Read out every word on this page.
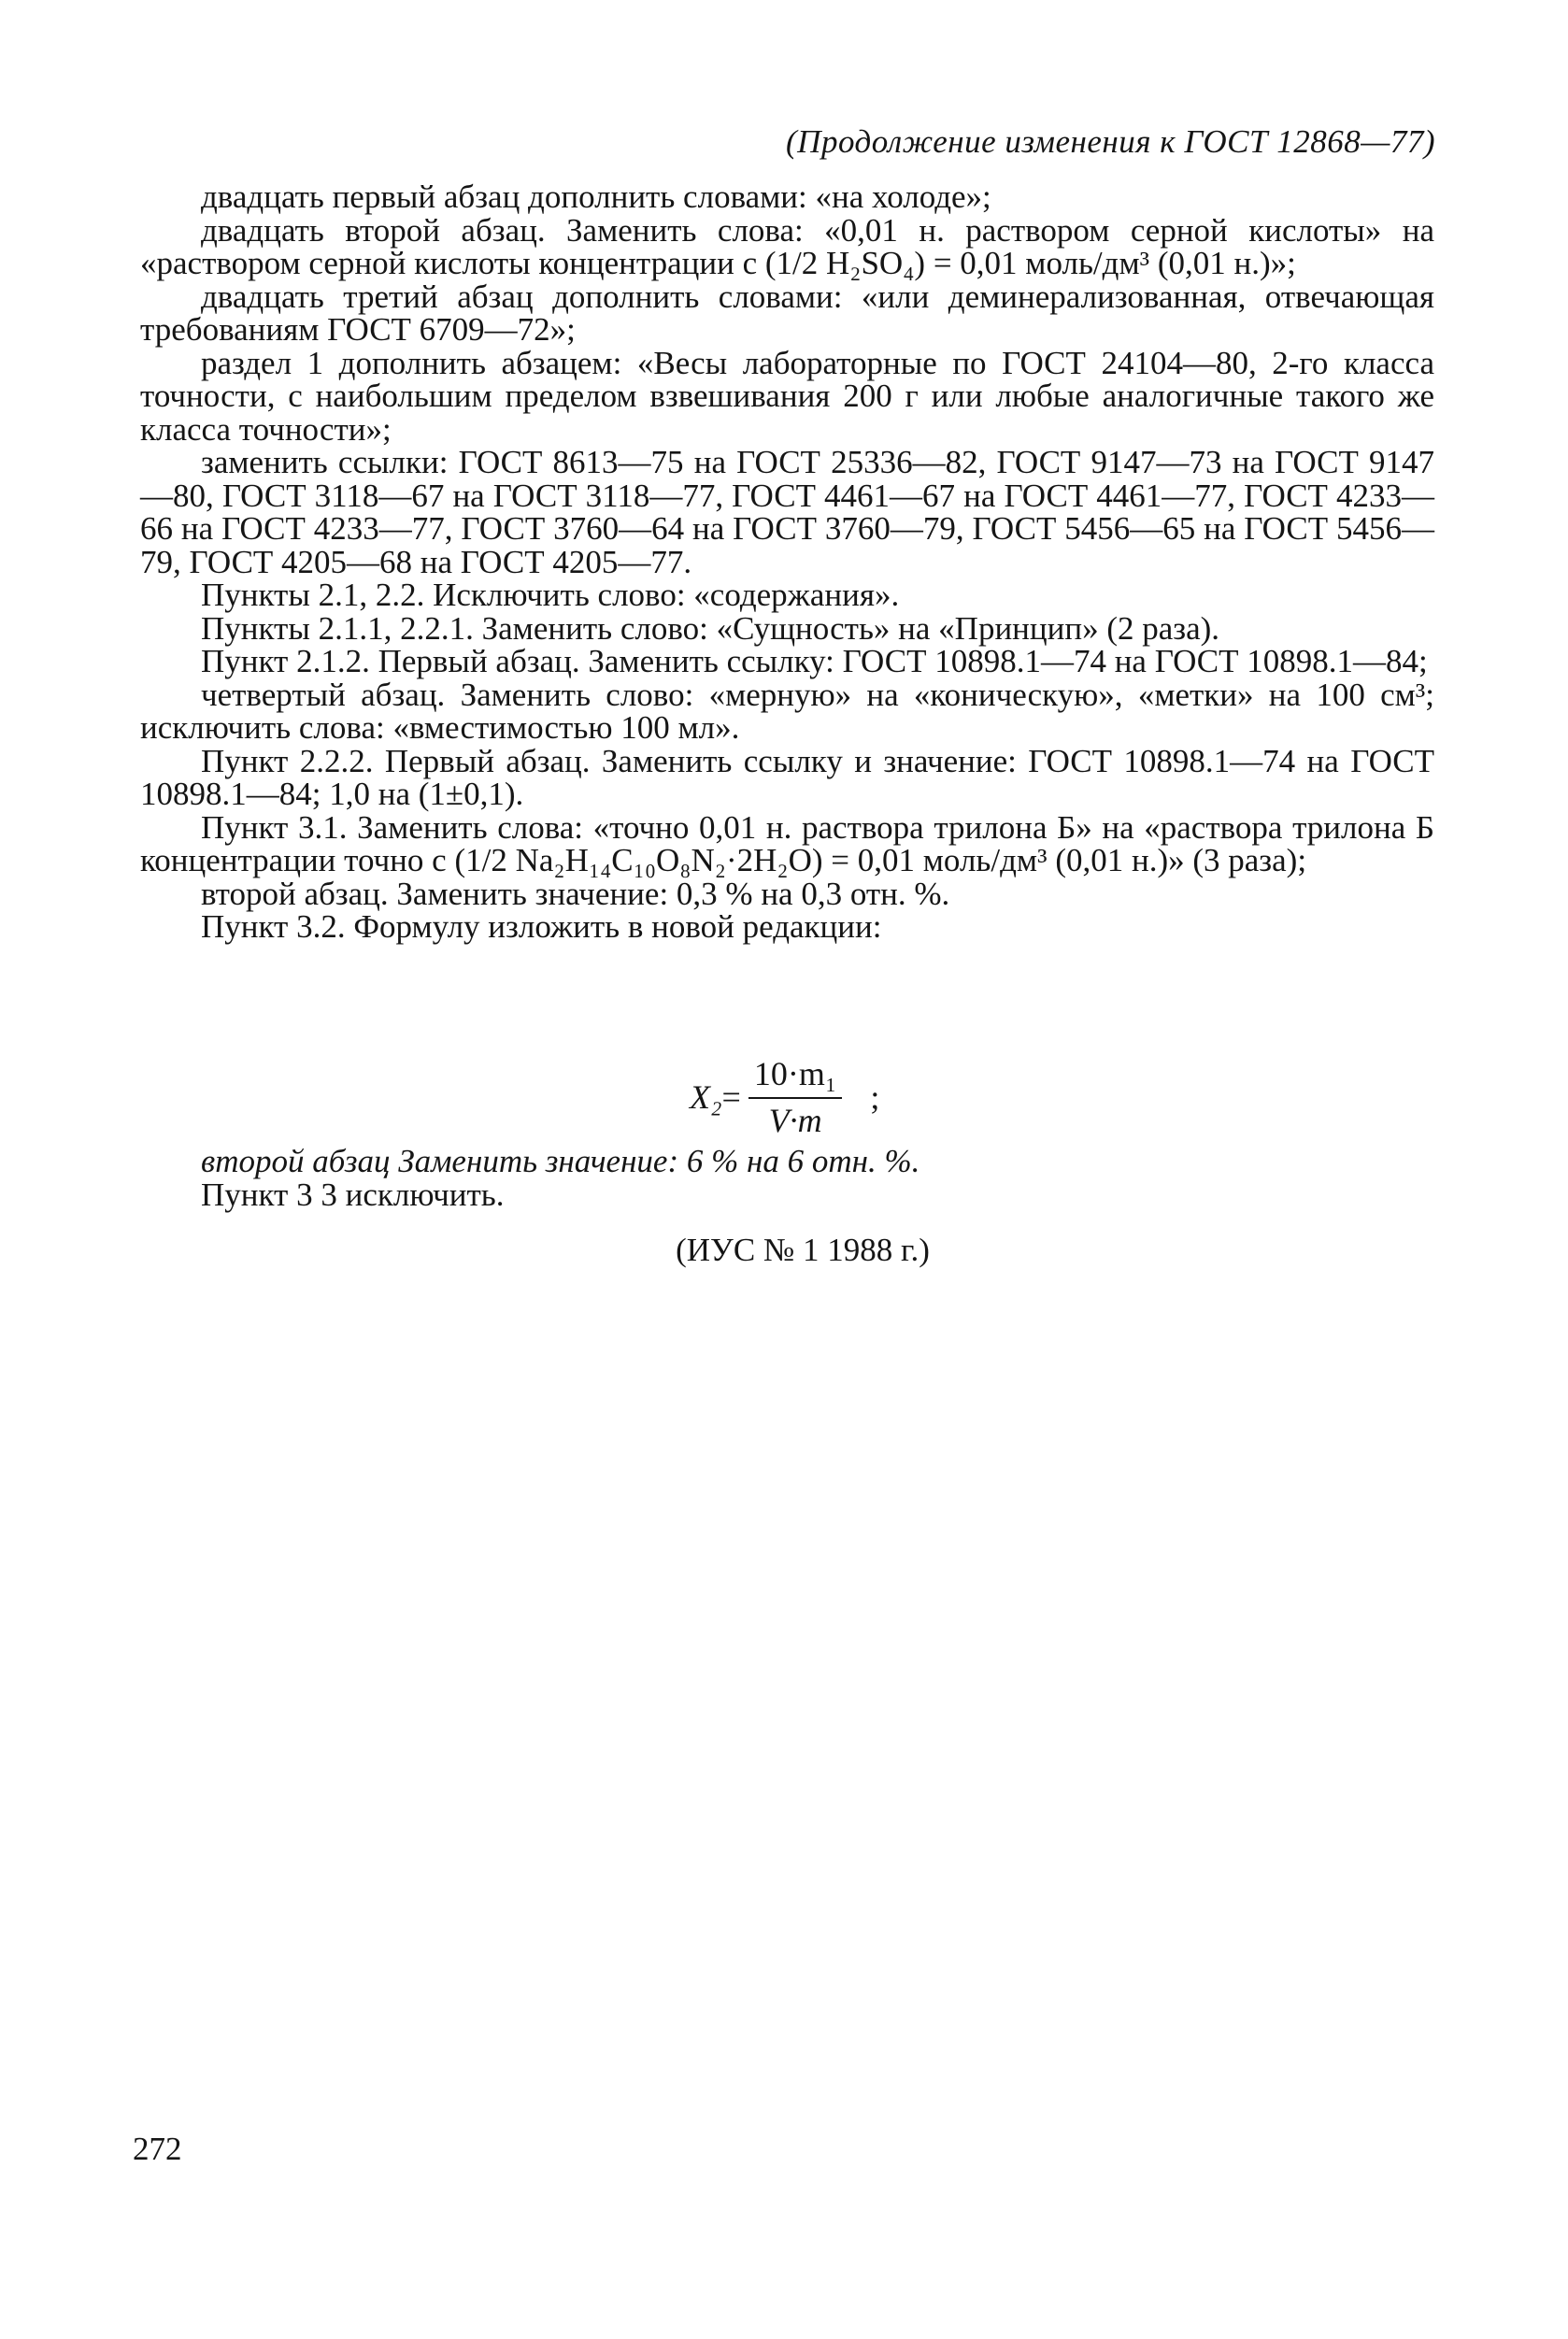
(Продолжение изменения к ГОСТ 12868—77)

двадцать первый абзац дополнить словами: «на холоде»;

двадцать второй абзац. Заменить слова: «0,01 н. раствором серной кислоты» на «раствором серной кислоты концентрации c (1/2 H₂SO₄) = 0,01 моль/дм³ (0,01 н.)»;

двадцать третий абзац дополнить словами: «или деминерализованная, отвечающая требованиям ГОСТ 6709—72»;

раздел 1 дополнить абзацем: «Весы лабораторные по ГОСТ 24104—80, 2-го класса точности, с наибольшим пределом взвешивания 200 г или любые аналогичные такого же класса точности»;

заменить ссылки: ГОСТ 8613—75 на ГОСТ 25336—82, ГОСТ 9147—73 на ГОСТ 9147—80, ГОСТ 3118—67 на ГОСТ 3118—77, ГОСТ 4461—67 на ГОСТ 4461—77, ГОСТ 4233—66 на ГОСТ 4233—77, ГОСТ 3760—64 на ГОСТ 3760—79, ГОСТ 5456—65 на ГОСТ 5456—79, ГОСТ 4205—68 на ГОСТ 4205—77.

Пункты 2.1, 2.2. Исключить слово: «содержания».

Пункты 2.1.1, 2.2.1. Заменить слово: «Сущность» на «Принцип» (2 раза).

Пункт 2.1.2. Первый абзац. Заменить ссылку: ГОСТ 10898.1—74 на ГОСТ 10898.1—84;

четвертый абзац. Заменить слово: «мерную» на «коническую», «метки» на 100 см³; исключить слова: «вместимостью 100 мл».

Пункт 2.2.2. Первый абзац. Заменить ссылку и значение: ГОСТ 10898.1—74 на ГОСТ 10898.1—84; 1,0 на (1±0,1).

Пункт 3.1. Заменить слова: «точно 0,01 н. раствора трилона Б» на «раствора трилона Б концентрации точно c (1/2 Na₂H₁₄C₁₀O₈N₂·2H₂O) = 0,01 моль/дм³ (0,01 н.)» (3 раза);

второй абзац. Заменить значение: 0,3 % на 0,3 отн. %.

Пункт 3.2. Формулу изложить в новой редакции:

$X_2 = \frac{\text{10·m₁}}{V\cdot m}$ ;

второй абзац Заменить значение: 6 % на 6 отн. %.

Пункт 3 3 исключить.

(ИУС № 1 1988 г.)
272
